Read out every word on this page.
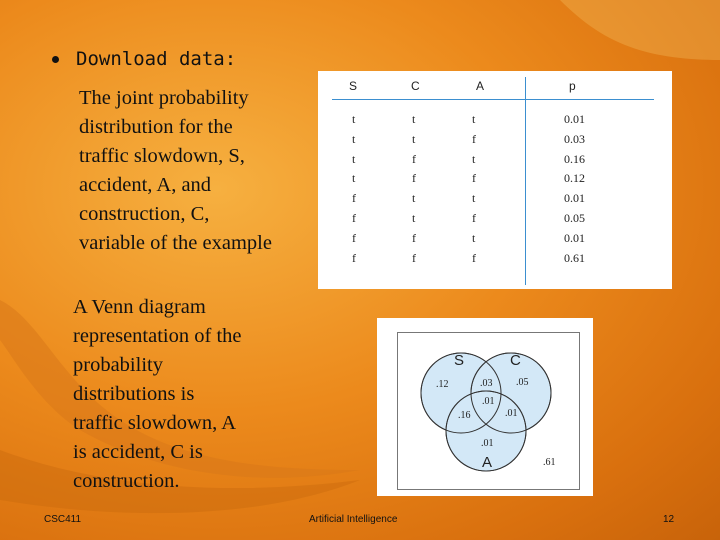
Download data:
The joint probability
distribution for the
traffic slowdown, S,
accident, A, and
construction, C,
variable of the example
A Venn diagram
representation of the
probability
distributions is
traffic slowdown, A
is accident, C is
construction.
S	C	A	p
t	t	t	0.01
t	t	f	0.03
t	f	t	0.16
t	f	f	0.12
f	t	t	0.01
f	t	f	0.05
f	f	t	0.01
f	f	f	0.61
S	C
A
.12	.03 .05
.01
.16	.01
.01
.61
CSC411	Artificial Intelligence	12
